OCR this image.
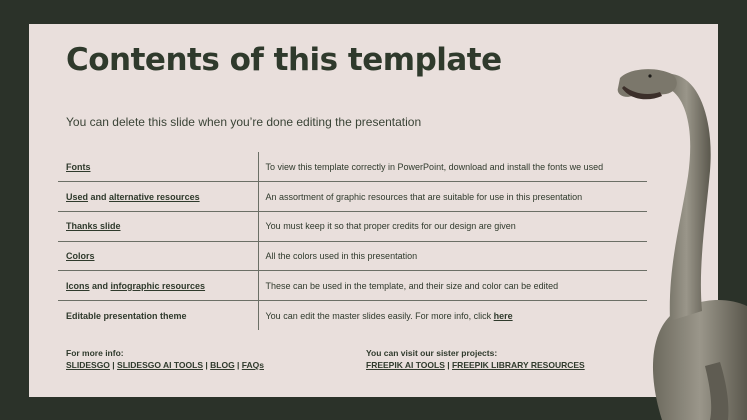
Contents of this template
You can delete this slide when you’re done editing the presentation
Fonts	To view this template correctly in PowerPoint, download and install the fonts we used
Used and alternative resources	An assortment of graphic resources that are suitable for use in this presentation
Thanks slide	You must keep it so that proper credits for our design are given
Colors	All the colors used in this presentation
Icons and infographic resources	These can be used in the template, and their size and color can be edited
Editable presentation theme	You can edit the master slides easily. For more info, click here
For more info:
SLIDESGO | SLIDESGO AI TOOLS | BLOG | FAQs
You can visit our sister projects:
FREEPIK AI TOOLS | FREEPIK LIBRARY RESOURCES
